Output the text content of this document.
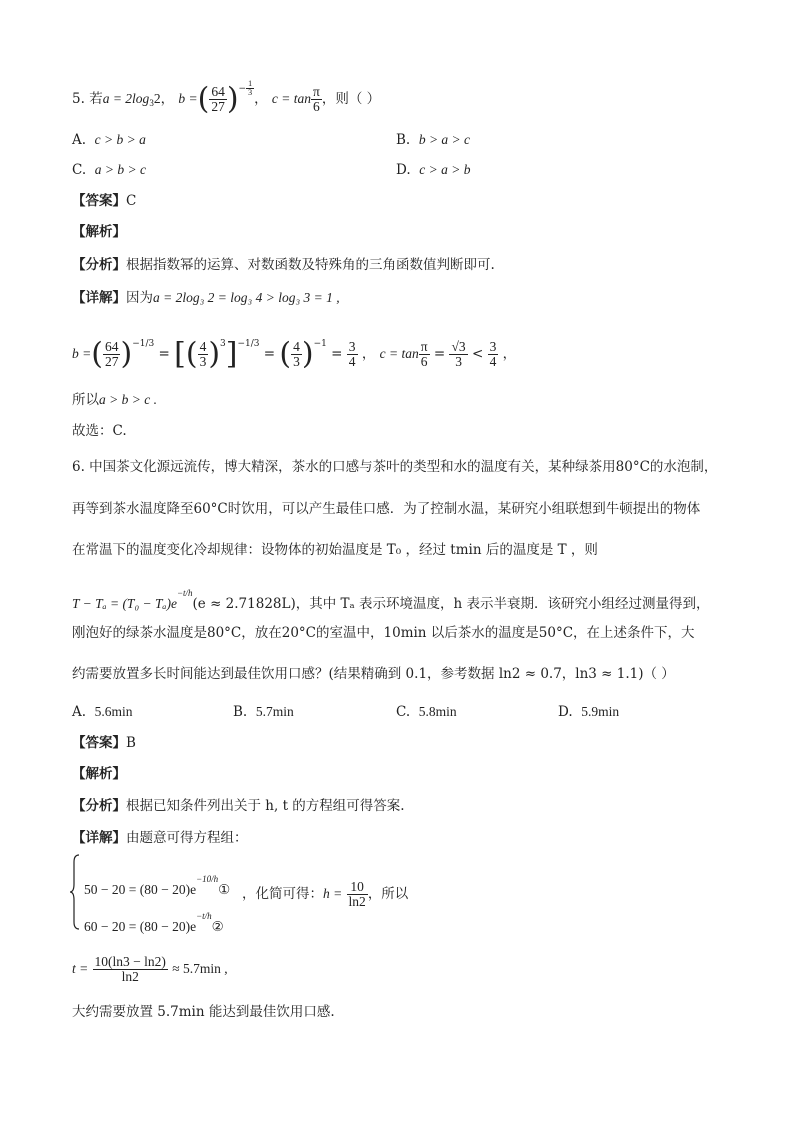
5. 若$a = 2\log_32$， b =( $\frac{64}{27} )^{- \frac{1}{3}}$
， $c = \tan \frac{\pi}{6}$ ，则（ ）
A. c > b > a	B. b > a > c
C. a > b > c	D. c > a > b
【答案】C
【解析】
【分析】根据指数幂的运算、对数函数及特殊角的三角函数值判断即可.
【详解】因为a = 2log₃ 2 = log₃ 4 > log₃ 3 = 1 ,
b =( $\frac{64}{27} )^{-1/3}$ = [( $\frac{4}{3} )^3]^{-1/3}$ = ( $\frac{4}{3} )^{-1} = \frac{3}{4}$ ， $c = \tan \frac{\pi}{6} = \frac{√3}{3} < \frac{3}{4}$ ，
所以a > b > c .
故选：C.
6. 中国茶文化源远流传，博大精深，茶水的口感与茶叶的类型和水的温度有关，某种绿茶用80°C的水泡制，
再等到茶水温度降至60°C时饮用，可以产生最佳口感．为了控制水温，某研究小组联想到牛顿提出的物体
在常温下的温度变化冷却规律：设物体的初始温度是 T₀ ，经过 tmin 后的温度是 T ，则
$T - T_a = (T_0 - T_a)e^{-t/h}(e \approx 2.71828L)$，其中 Tₐ 表示环境温度，h 表示半衰期．该研究小组经过测量得到，
刚泡好的绿茶水温度是80°C，放在20°C的室温中，10min 以后茶水的温度是50°C，在上述条件下，大
约需要放置多长时间能达到最佳饮用口感？(结果精确到 0.1，参考数据 ln2 ≈ 0.7，ln3 ≈ 1.1)（ ）
A. 5.6min	B. 5.7min	C. 5.8min	D. 5.9min
【答案】B
【解析】
【分析】根据已知条件列出关于 h, t 的方程组可得答案.
【详解】由题意可得方程组：
$50 - 20 = (80 - 20)e^{-10/h}①$
$60 - 20 = (80 - 20)e^{-t/h}②$
，化简可得：$h = \frac{10}{\ln 2}$ ，所以
$t = \frac{10(\ln 3 - \ln 2)}{\ln 2} \approx 5.7\min$ ,
大约需要放置 5.7min 能达到最佳饮用口感.
